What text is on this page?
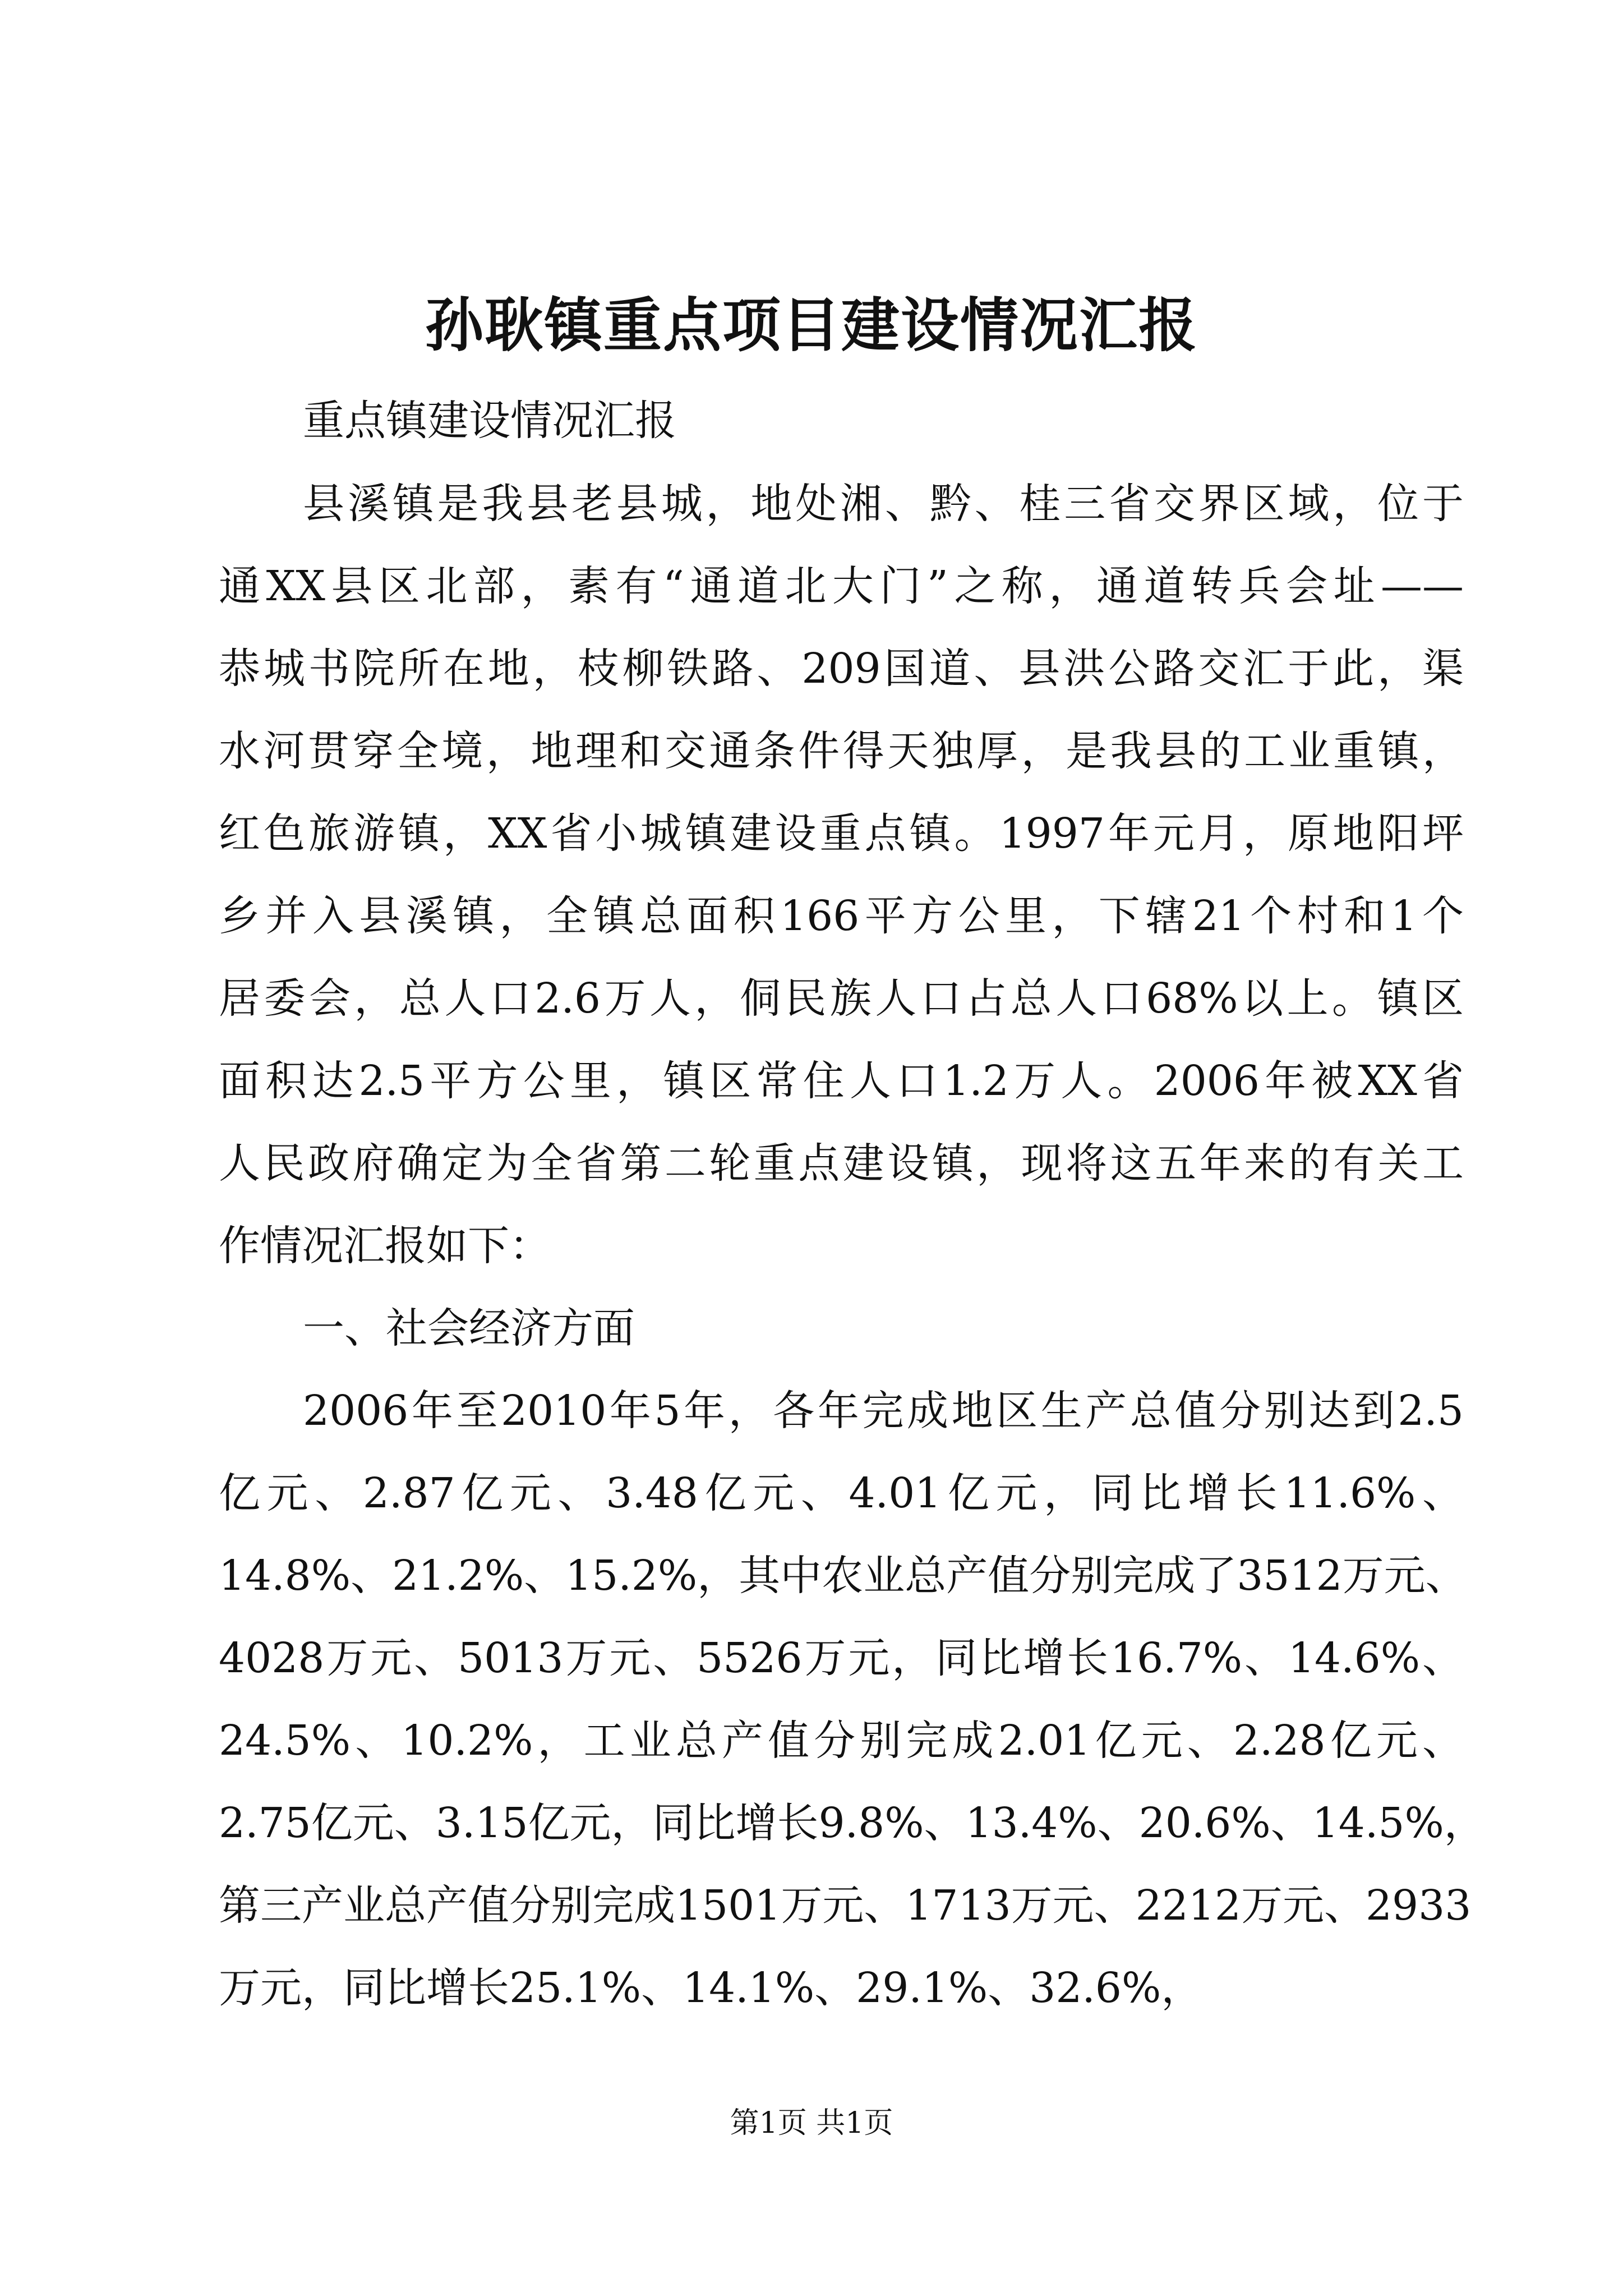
孙耿镇重点项目建设情况汇报
重点镇建设情况汇报
县溪镇是我县老县城，地处湘、黔、桂三省交界区域，位于
通XX县区北部，素有“通道北大门”之称，通道转兵会址——
恭城书院所在地，枝柳铁路、209国道、县洪公路交汇于此，渠
水河贯穿全境，地理和交通条件得天独厚，是我县的工业重镇，
红色旅游镇，XX省小城镇建设重点镇。1997年元月，原地阳坪
乡并入县溪镇，全镇总面积166平方公里，下辖21个村和1个
居委会，总人口2.6万人，侗民族人口占总人口68%以上。镇区
面积达2.5平方公里，镇区常住人口1.2万人。2006年被XX省
人民政府确定为全省第二轮重点建设镇，现将这五年来的有关工
作情况汇报如下：
一、社会经济方面
2006年至2010年5年，各年完成地区生产总值分别达到2.5
亿元、2.87亿元、3.48亿元、4.01亿元，同比增长11.6%、
14.8%、21.2%、15.2%，其中农业总产值分别完成了3512万元、
4028万元、5013万元、5526万元，同比增长16.7%、14.6%、
24.5%、10.2%，工业总产值分别完成2.01亿元、2.28亿元、
2.75亿元、3.15亿元，同比增长9.8%、13.4%、20.6%、14.5%，
第三产业总产值分别完成1501万元、1713万元、2212万元、2933
万元，同比增长25.1%、14.1%、29.1%、32.6%，
第1页 共1页
